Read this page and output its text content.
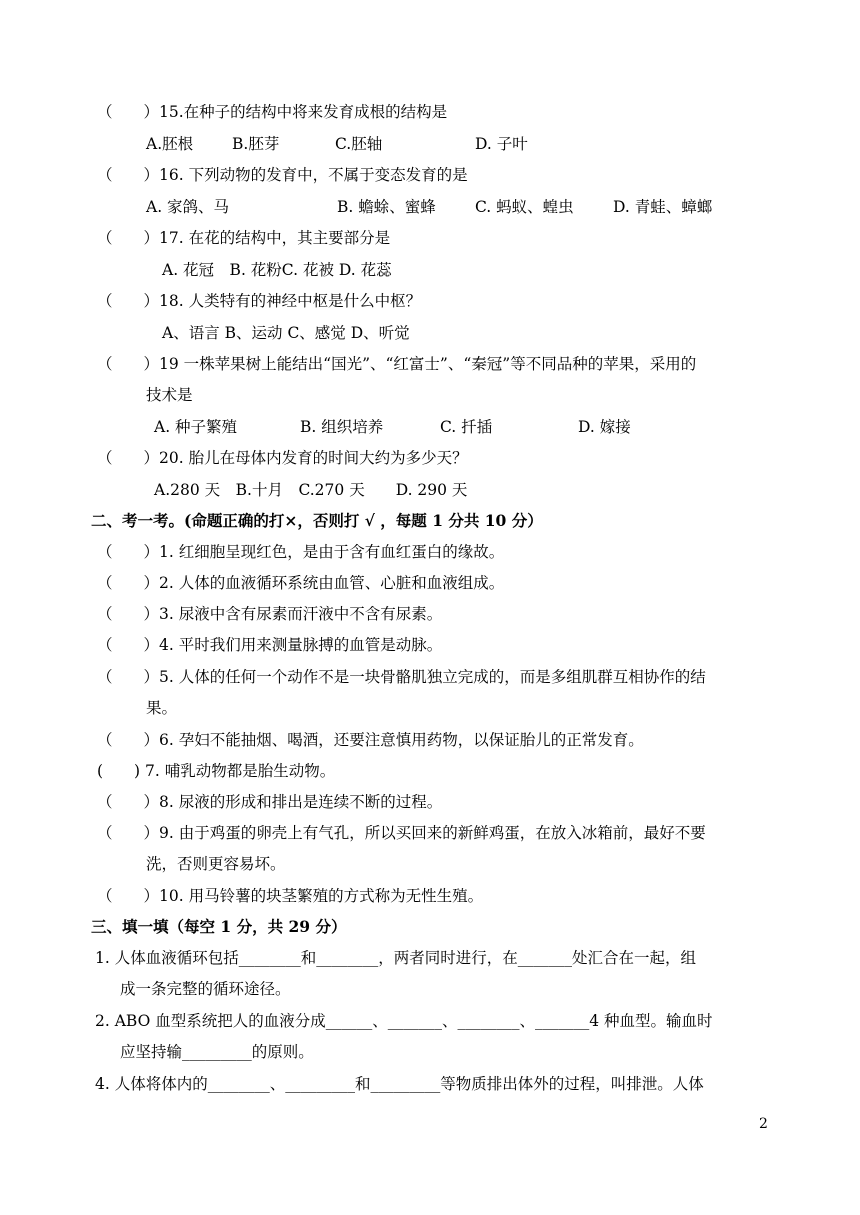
（　　）15.在种子的结构中将来发育成根的结构是
A.胚根	B.胚芽	C.胚轴	D. 子叶
（　　）16. 下列动物的发育中，不属于变态发育的是
A. 家鸽、马	B. 蟾蜍、蜜蜂	C. 蚂蚁、蝗虫	D. 青蛙、蟑螂
（　　）17. 在花的结构中，其主要部分是
A. 花冠　B. 花粉C. 花被 D. 花蕊
（　　）18. 人类特有的神经中枢是什么中枢？
A、语言 B、运动 C、感觉 D、听觉
（　　）19 一株苹果树上能结出“国光”、“红富士”、“秦冠”等不同品种的苹果，采用的
技术是
A. 种子繁殖	B. 组织培养	C. 扦插	D. 嫁接
（　　）20. 胎儿在母体内发育的时间大约为多少天？
A.280 天　B.十月　C.270 天　　D. 290 天
二、考一考。(命题正确的打×，否则打 √ ，每题 1 分共 10 分）
（　　）1. 红细胞呈现红色，是由于含有血红蛋白的缘故。
（　　）2. 人体的血液循环系统由血管、心脏和血液组成。
（　　）3. 尿液中含有尿素而汗液中不含有尿素。
（　　）4. 平时我们用来测量脉搏的血管是动脉。
（　　）5. 人体的任何一个动作不是一块骨骼肌独立完成的，而是多组肌群互相协作的结
果。
（　　）6. 孕妇不能抽烟、喝酒，还要注意慎用药物，以保证胎儿的正常发育。
(　　) 7. 哺乳动物都是胎生动物。
（　　）8. 尿液的形成和排出是连续不断的过程。
（　　）9. 由于鸡蛋的卵壳上有气孔，所以买回来的新鲜鸡蛋，在放入冰箱前，最好不要
洗，否则更容易坏。
（　　）10. 用马铃薯的块茎繁殖的方式称为无性生殖。
三、填一填（每空 1 分，共 29 分）
1. 人体血液循环包括________和________，两者同时进行，在_______处汇合在一起，组
成一条完整的循环途径。
2. ABO 血型系统把人的血液分成______、_______、________、_______4 种血型。输血时
应坚持输_________的原则。
4. 人体将体内的________、_________和_________等物质排出体外的过程，叫排泄。人体
2
